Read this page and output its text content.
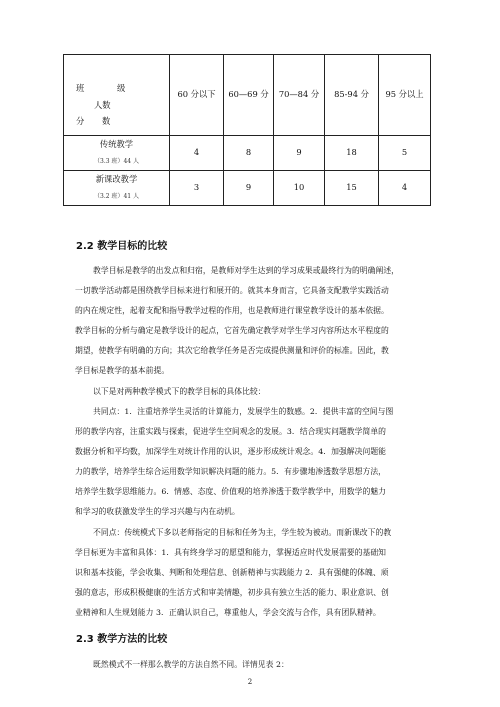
班 级
人数
分 数	60 分以下	60—69 分	70—84 分	85-94 分	95 分以上

传统教学
（3.3 班）44 人	4	8	9	18	5

新课改教学
（3.2 班）41 人	3	9	10	15	4
2.2 教学目标的比较
教学目标是教学的出发点和归宿，是教师对学生达到的学习成果或最终行为的明确阐述，
一切教学活动都是围绕教学目标来进行和展开的。就其本身而言，它具备支配教学实践活动
的内在规定性，起着支配和指导教学过程的作用，也是教师进行课堂教学设计的基本依据。
教学目标的分析与确定是教学设计的起点，它首先确定教学对学生学习内容所达水平程度的
期望，使教学有明确的方向；其次它给教学任务是否完成提供测量和评价的标准。因此，教
学目标是教学的基本前提。
以下是对两种教学模式下的教学目标的具体比较：
共同点：1．注重培养学生灵活的计算能力，发展学生的数感。2．提供丰富的空间与图
形的教学内容，注重实践与探索，促进学生空间观念的发展。3．结合现实问题教学简单的
数据分析和平均数，加深学生对统计作用的认识，逐步形成统计观念。4．加强解决问题能
力的教学，培养学生综合运用数学知识解决问题的能力。5．有步骤地渗透数学思想方法，
培养学生数学思维能力。6．情感、态度、价值观的培养渗透于数学教学中，用数学的魅力
和学习的收获激发学生的学习兴趣与内在动机。
不同点：传统模式下多以老师指定的目标和任务为主，学生较为被动。而新课改下的教
学目标更为丰富和具体：1．具有终身学习的愿望和能力，掌握适应时代发展需要的基础知
识和基本技能，学会收集、判断和处理信息、创新精神与实践能力 2．具有强健的体魄、顽
强的意志，形成积极健康的生活方式和审美情趣，初步具有独立生活的能力、职业意识、创
业精神和人生规划能力 3．正确认识自己，尊重他人，学会交流与合作，具有团队精神。
2.3 教学方法的比较
既然模式不一样那么教学的方法自然不同。详情见表 2：
2
